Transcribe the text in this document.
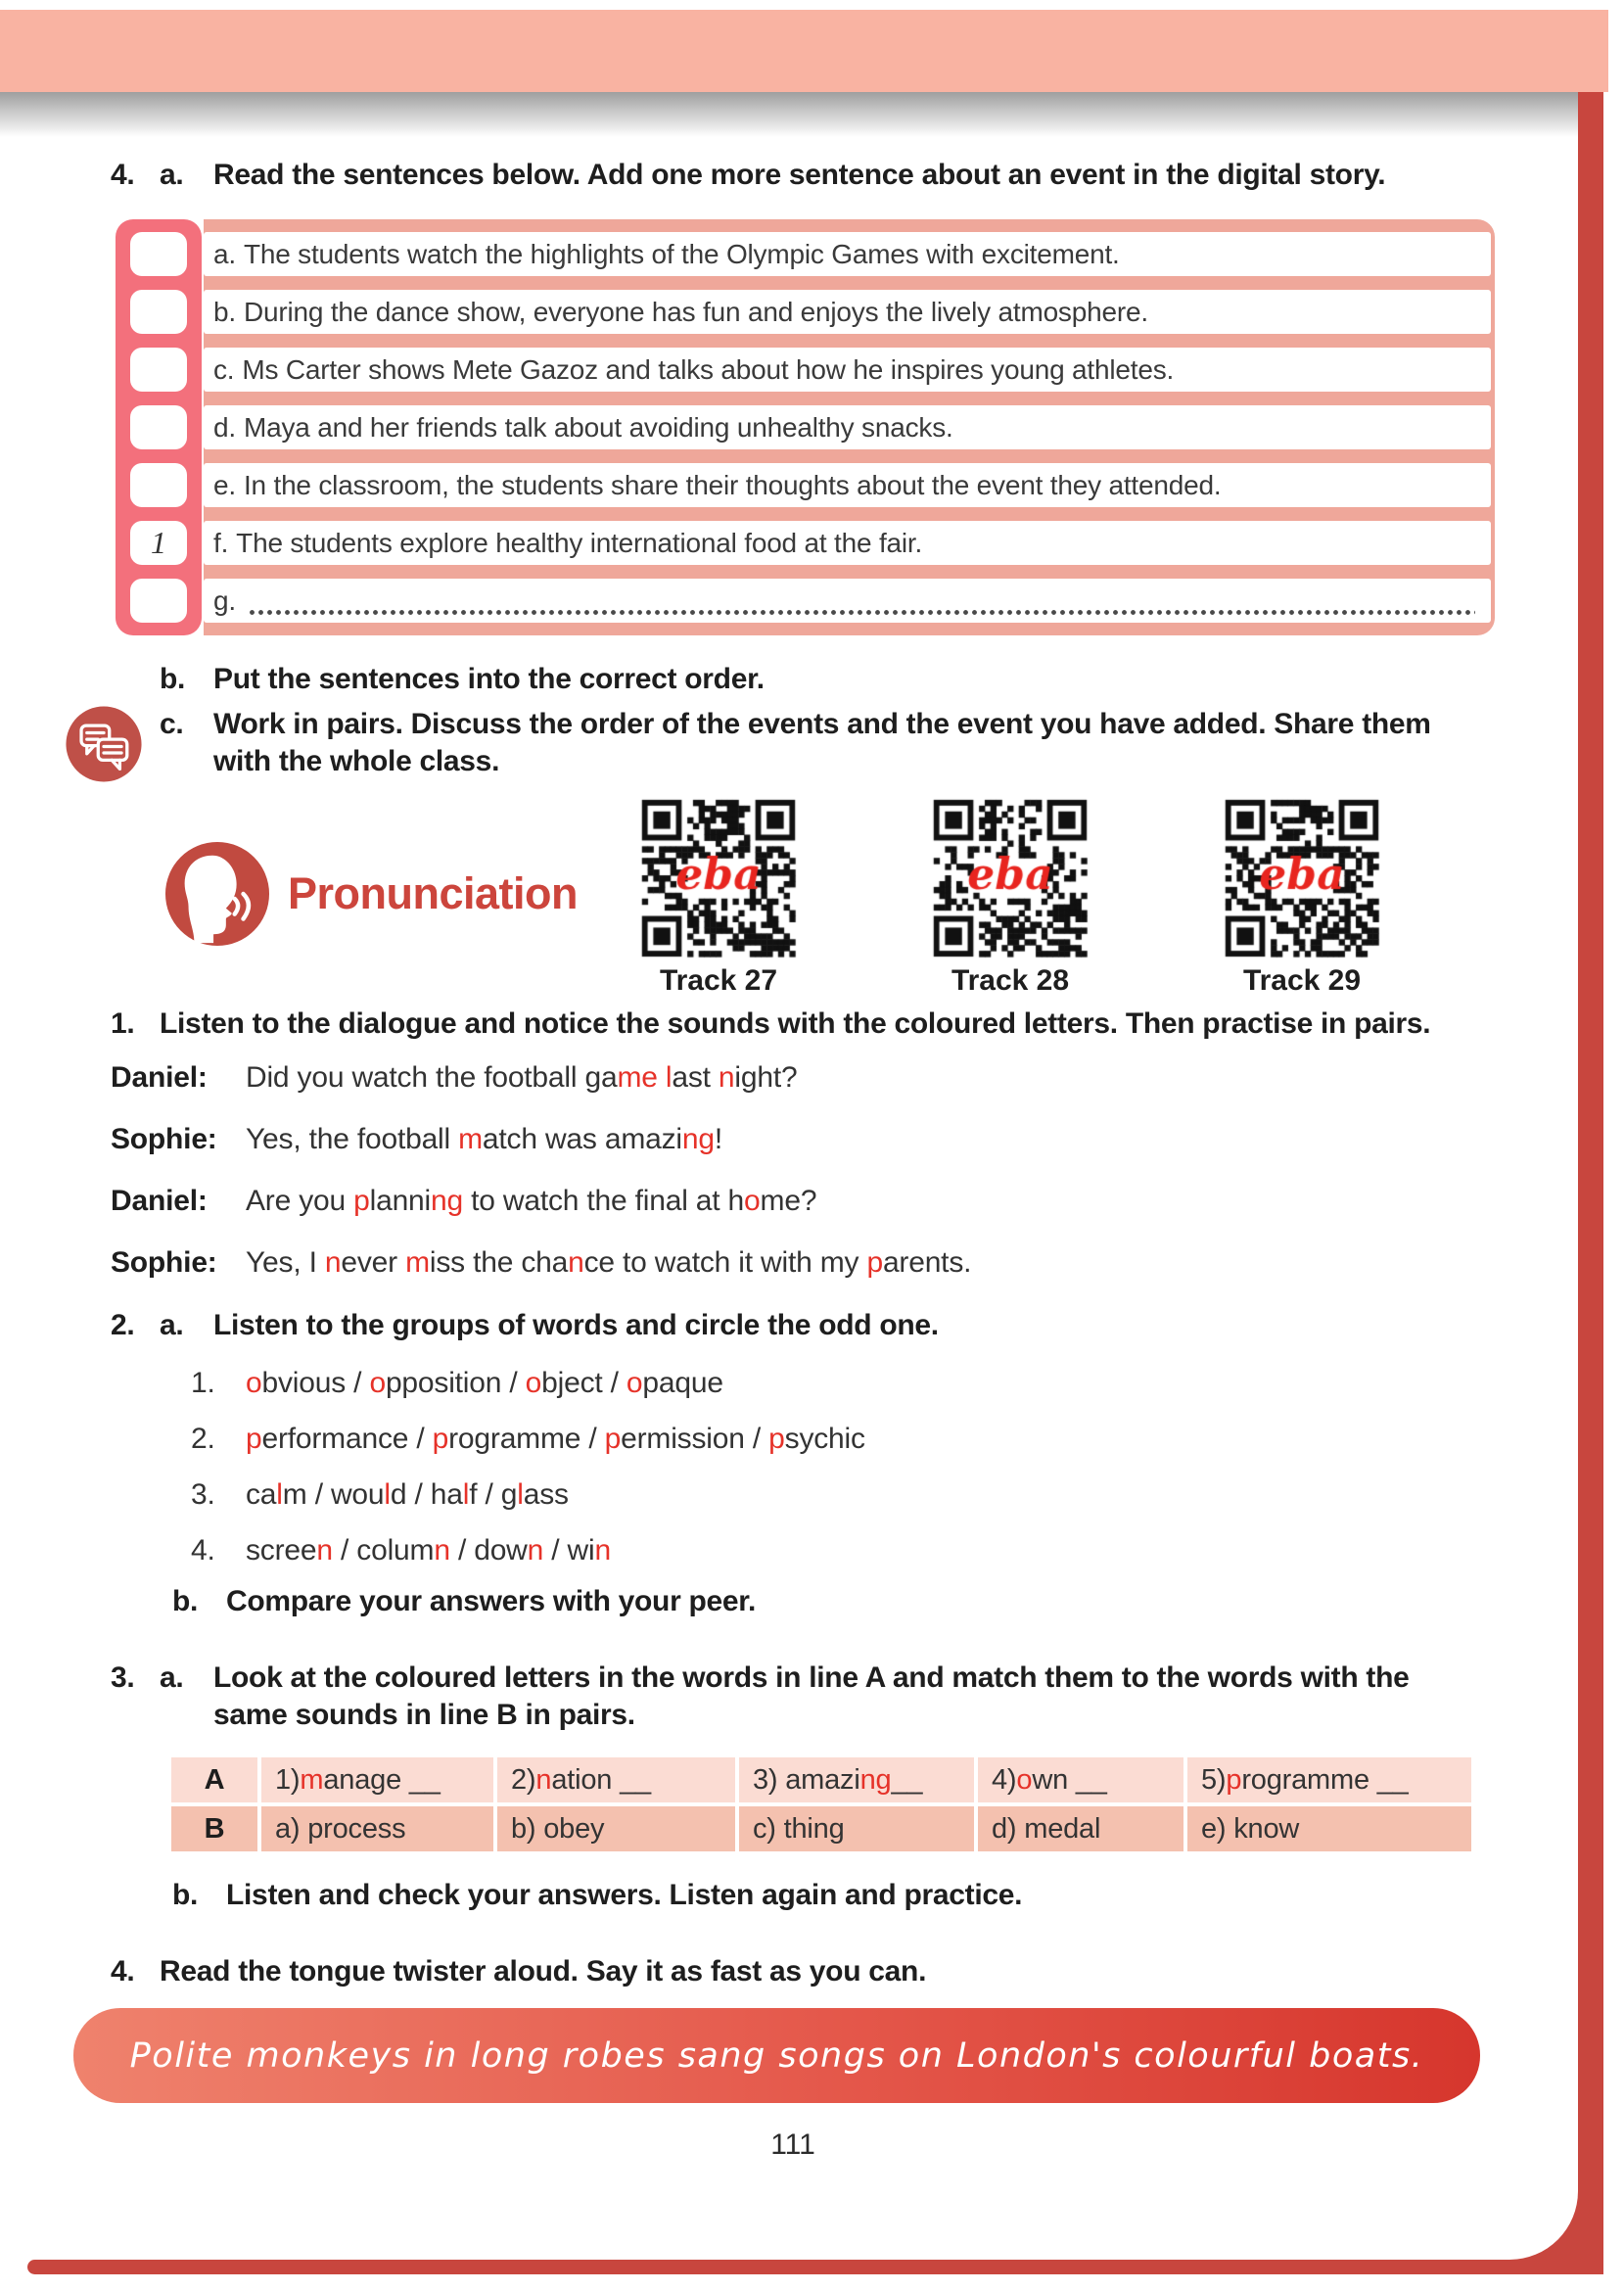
4. a.	Read the sentences below. Add one more sentence about an event in the digital story.
1
a. The students watch the highlights of the Olympic Games with excitement.
b. During the dance show, everyone has fun and enjoys the lively atmosphere.
c. Ms Carter shows Mete Gazoz and talks about how he inspires young athletes.
d. Maya and her friends talk about avoiding unhealthy snacks.
e. In the classroom, the students share their thoughts about the event they attended.
f. The students explore healthy international food at the fair.
g.
b. Put the sentences into the correct order.
c.	Work in pairs. Discuss the order of the events and the event you have added. Share them with the whole class.
Pronunciation
Track 27	Track 28	Track 29
1. Listen to the dialogue and notice the sounds with the coloured letters. Then practise in pairs.
Daniel:	Did you watch the football game last night?
Sophie: Yes, the football match was amazing!
Daniel:	Are you planning to watch the final at home?
Sophie: Yes, I never miss the chance to watch it with my parents.
2. a.	Listen to the groups of words and circle the odd one.
1.	obvious / opposition / object / opaque
2.	performance / programme / permission / psychic
3.	calm / would / half / glass
4.	screen / column / down / win
b. Compare your answers with your peer.
3. a.	Look at the coloured letters in the words in line A and match them to the words with the same sounds in line B in pairs.
A	1) m anage __	2) n ation __	3) amazi ng __	4) o wn __	5) p rogramme __
B	a) process	b) obey	c) thing	d) medal	e) know
b. Listen and check your answers. Listen again and practice.
4. Read the tongue twister aloud. Say it as fast as you can.
Polite monkeys in long robes sang songs on London's colourful boats.
111
